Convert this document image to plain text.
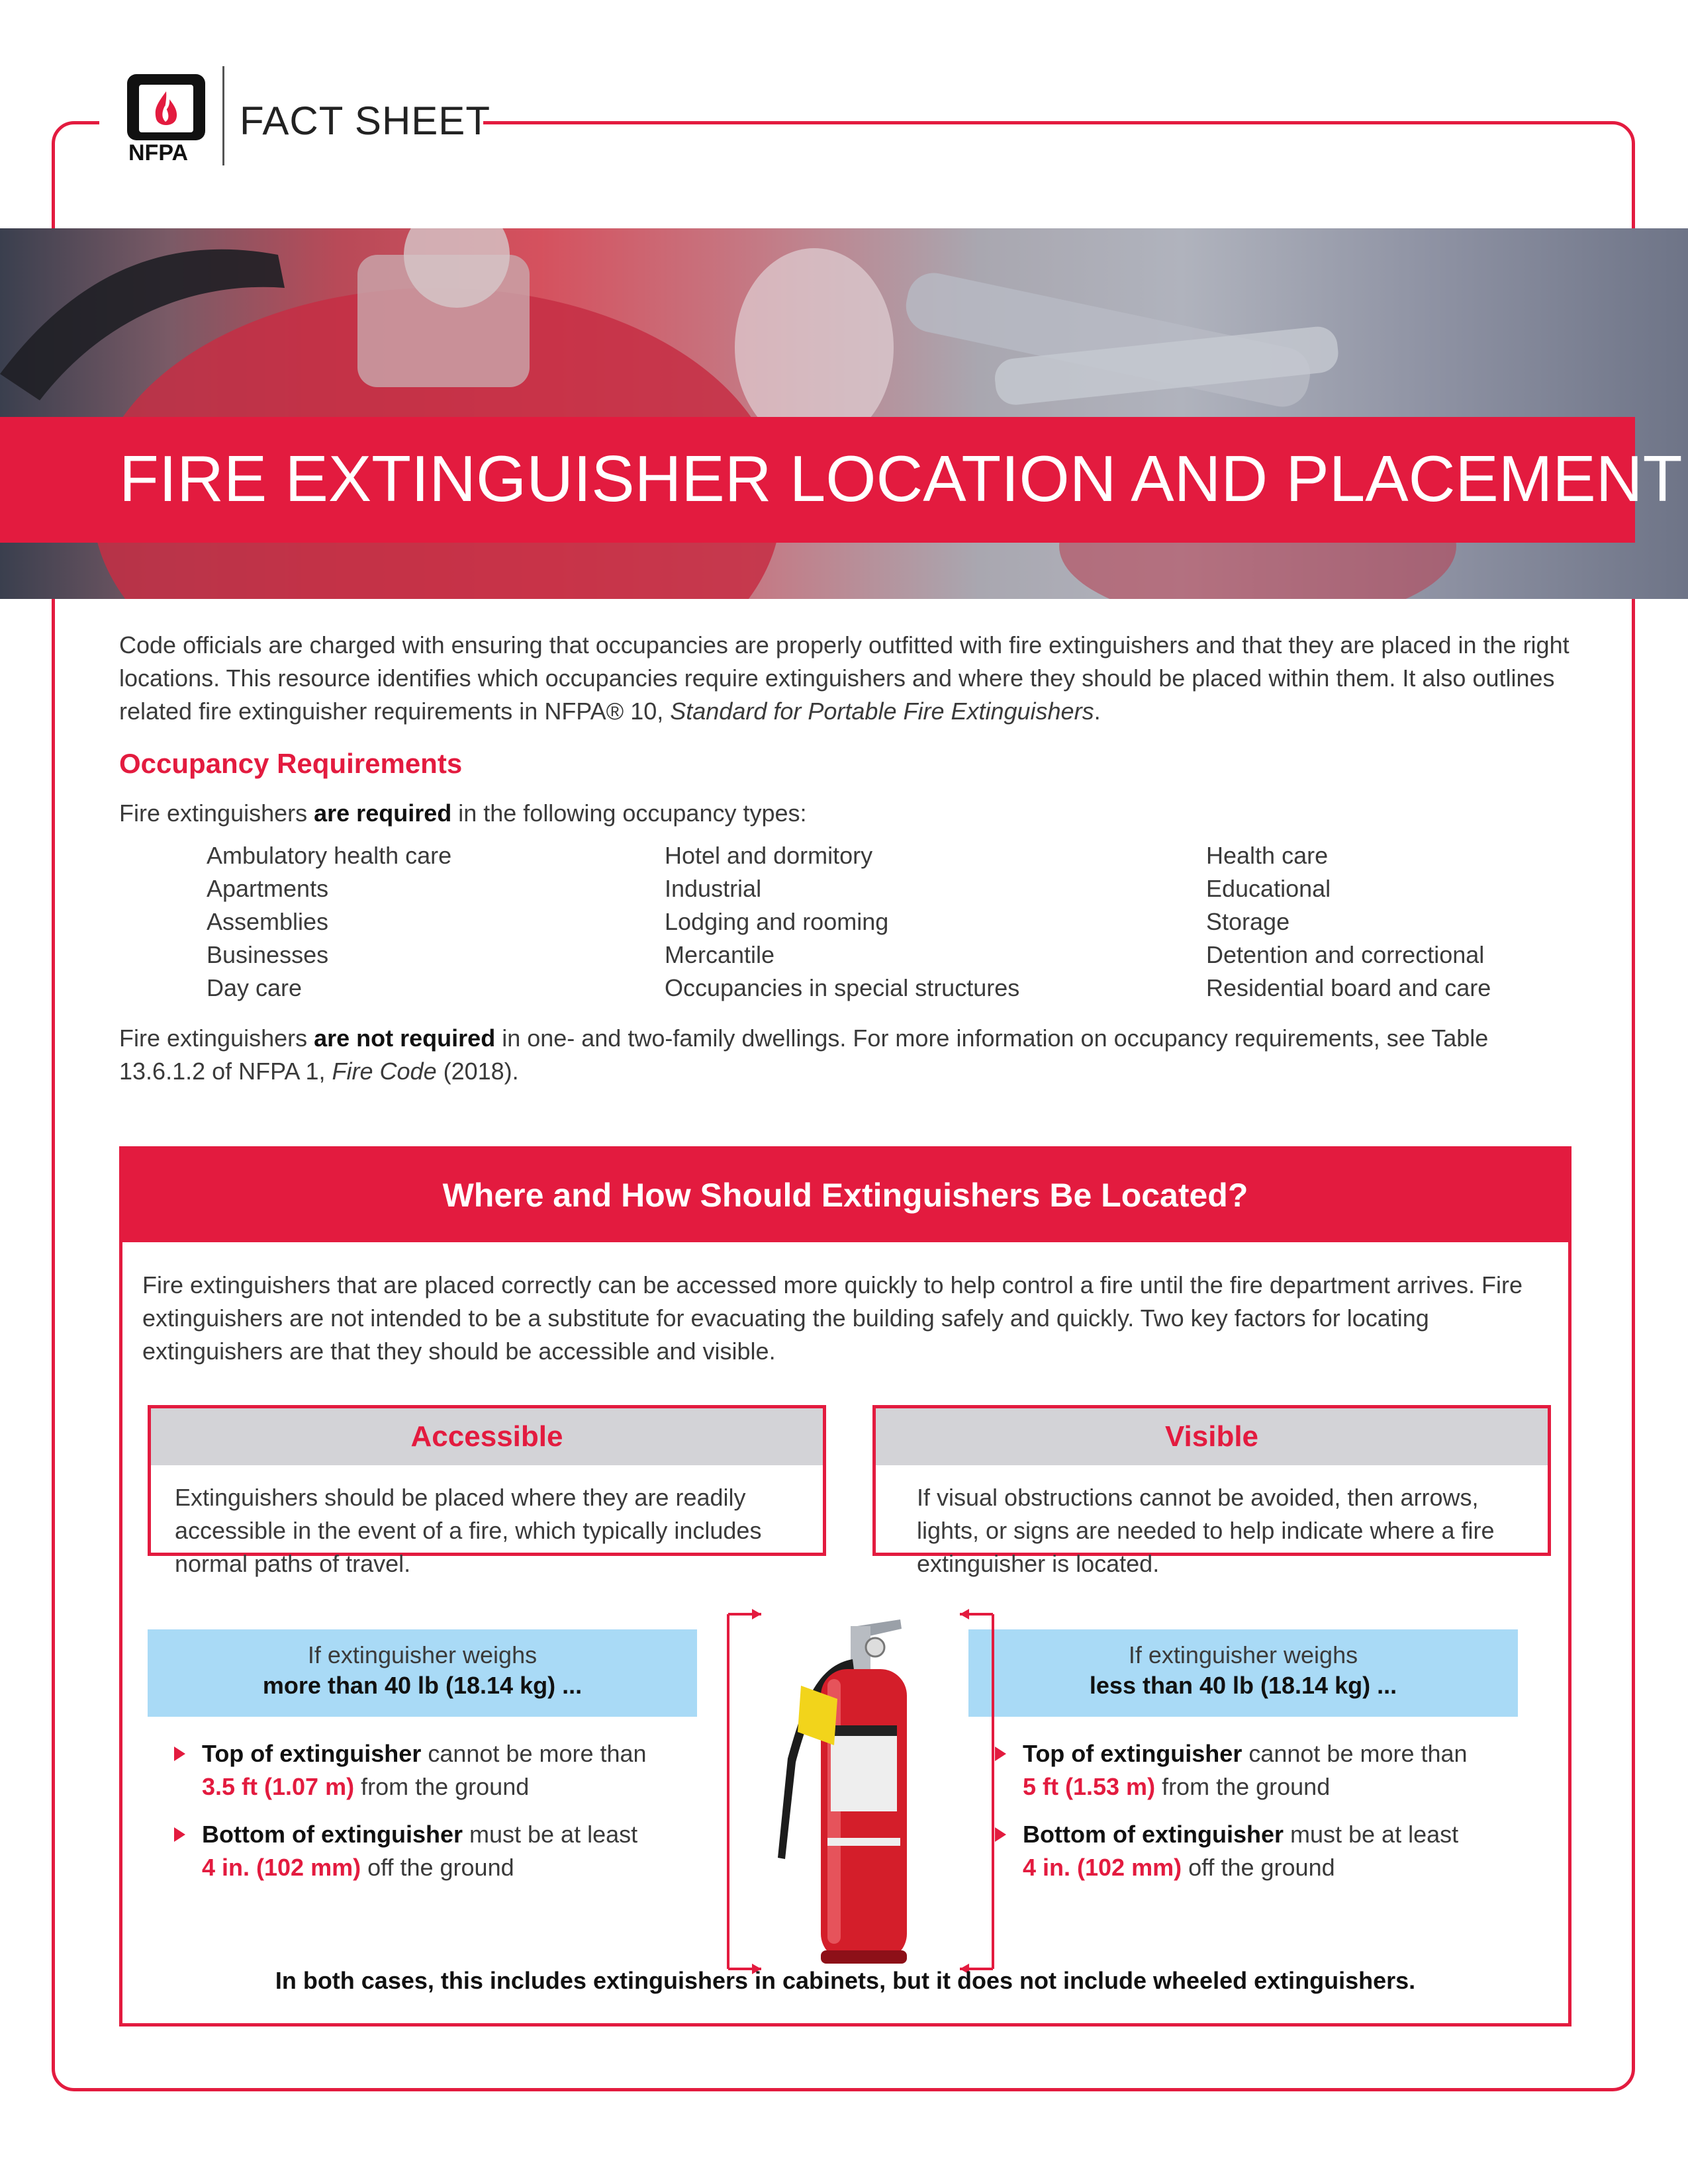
NFPA
FACT SHEET
FIRE EXTINGUISHER LOCATION AND PLACEMENT
Code officials are charged with ensuring that occupancies are properly outfitted with fire extinguishers and that they are placed in the right locations. This resource identifies which occupancies require extinguishers and where they should be placed within them. It also outlines related fire extinguisher requirements in NFPA® 10, Standard for Portable Fire Extinguishers.
Occupancy Requirements
Fire extinguishers are required in the following occupancy types:
Ambulatory health care
Apartments
Assemblies
Businesses
Day care
Hotel and dormitory
Industrial
Lodging and rooming
Mercantile
Occupancies in special structures
Health care
Educational
Storage
Detention and correctional
Residential board and care
Fire extinguishers are not required in one- and two-family dwellings. For more information on occupancy requirements, see Table 13.6.1.2 of NFPA 1, Fire Code (2018).
Where and How Should Extinguishers Be Located?
Fire extinguishers that are placed correctly can be accessed more quickly to help control a fire until the fire department arrives. Fire extinguishers are not intended to be a substitute for evacuating the building safely and quickly. Two key factors for locating extinguishers are that they should be accessible and visible.
Accessible
Extinguishers should be placed where they are readily accessible in the event of a fire, which typically includes normal paths of travel.
Visible
If visual obstructions cannot be avoided, then arrows, lights, or signs are needed to help indicate where a fire extinguisher is located.
If extinguisher weighs
more than 40 lb (18.14 kg) ...
If extinguisher weighs
less than 40 lb (18.14 kg) ...
Top of extinguisher cannot be more than
3.5 ft (1.07 m) from the ground
Bottom of extinguisher must be at least
4 in. (102 mm) off the ground
Top of extinguisher cannot be more than
5 ft (1.53 m) from the ground
Bottom of extinguisher must be at least
4 in. (102 mm) off the ground
In both cases, this includes extinguishers in cabinets, but it does not include wheeled extinguishers.
